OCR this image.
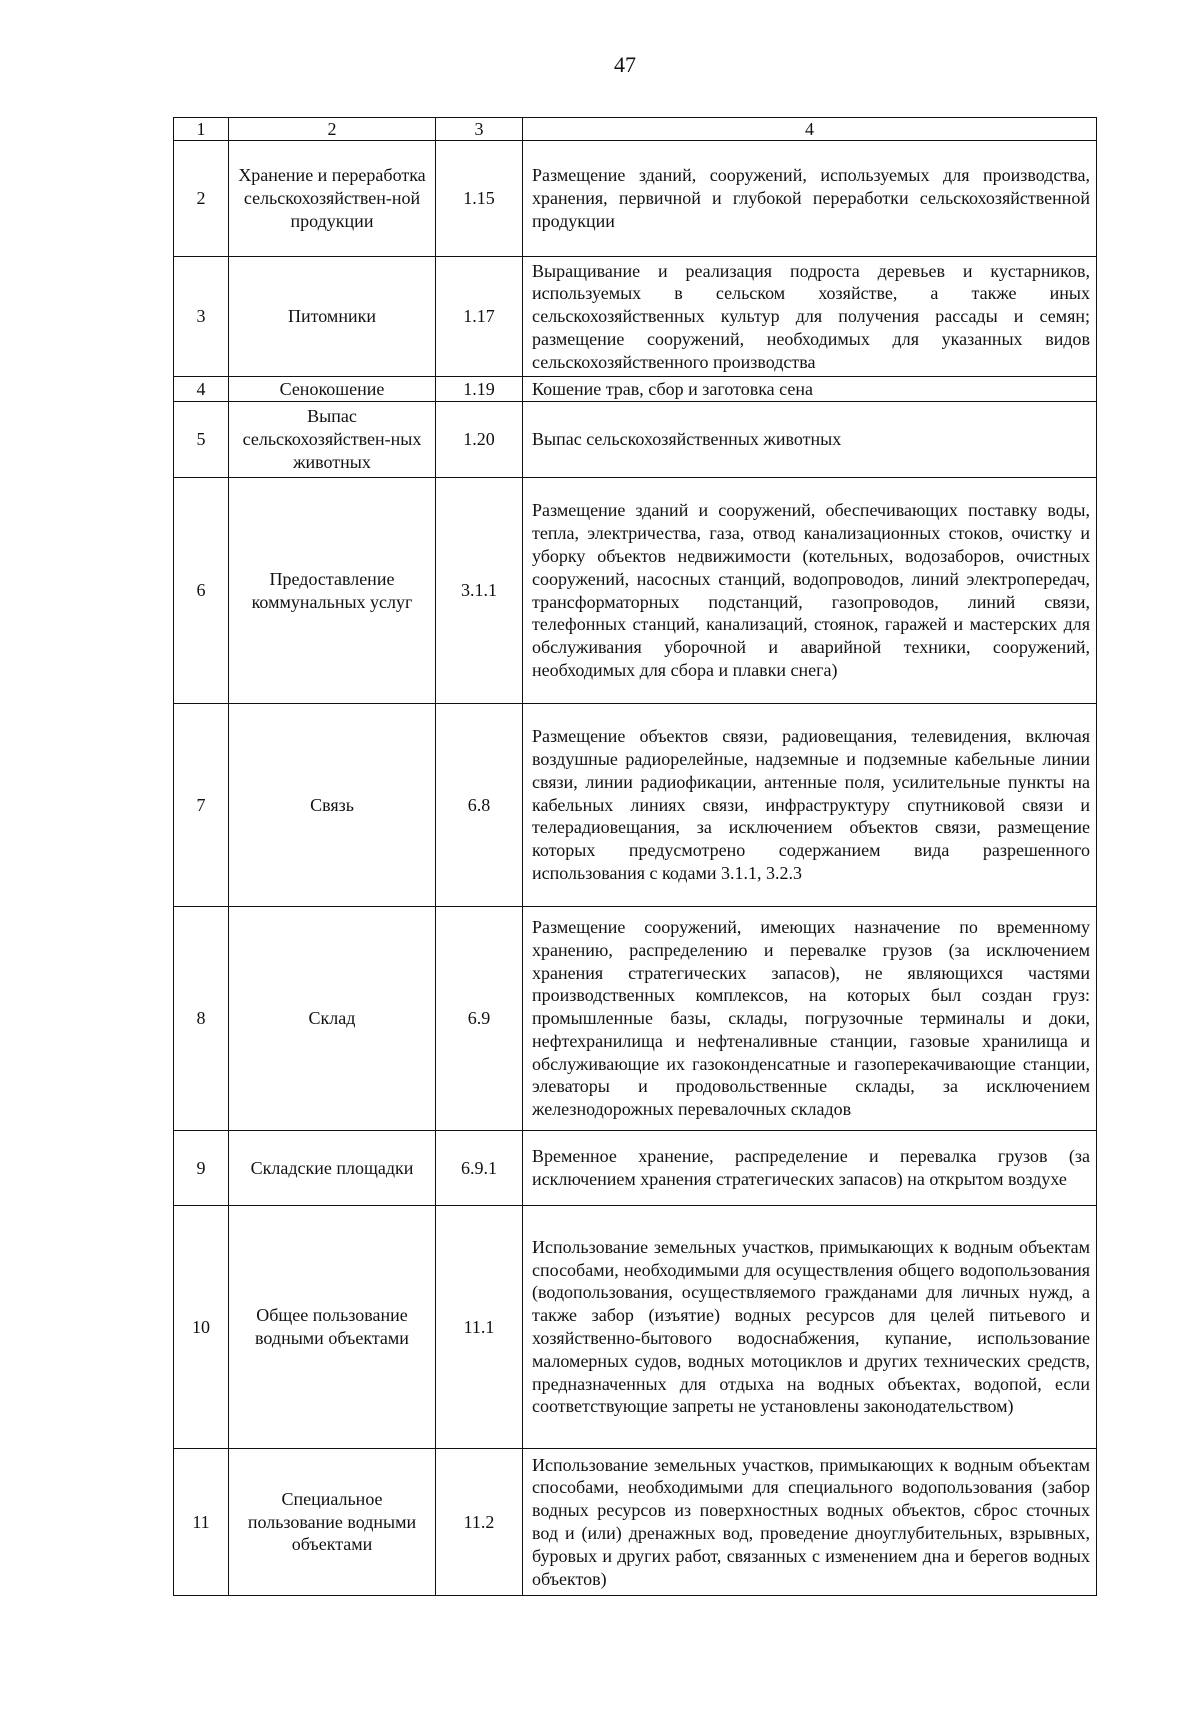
47
1	2	3	4
2	Хранение и переработка сельскохозяйствен-ной продукции	1.15	Размещение зданий, сооружений, используемых для производства, хранения, первичной и глубокой переработки сельскохозяйственной продукции
3	Питомники	1.17	Выращивание и реализация подроста деревьев и кустарников, используемых в сельском хозяйстве, а также иных сельскохозяйственных культур для получения рассады и семян; размещение сооружений, необходимых для указанных видов сельскохозяйственного производства
4	Сенокошение	1.19	Кошение трав, сбор и заготовка сена
5	Выпас сельскохозяйствен-ных животных	1.20	Выпас сельскохозяйственных животных
6	Предоставление коммунальных услуг	3.1.1	Размещение зданий и сооружений, обеспечивающих поставку воды, тепла, электричества, газа, отвод канализационных стоков, очистку и уборку объектов недвижимости (котельных, водозаборов, очистных сооружений, насосных станций, водопроводов, линий электропередач, трансформаторных подстанций, газопроводов, линий связи, телефонных станций, канализаций, стоянок, гаражей и мастерских для обслуживания уборочной и аварийной техники, сооружений, необходимых для сбора и плавки снега)
7	Связь	6.8	Размещение объектов связи, радиовещания, телевидения, включая воздушные радиорелейные, надземные и подземные кабельные линии связи, линии радиофикации, антенные поля, усилительные пункты на кабельных линиях связи, инфраструктуру спутниковой связи и телерадиовещания, за исключением объектов связи, размещение которых предусмотрено содержанием вида разрешенного использования с кодами 3.1.1, 3.2.3
8	Склад	6.9	Размещение сооружений, имеющих назначение по временному хранению, распределению и перевалке грузов (за исключением хранения стратегических запасов), не являющихся частями производственных комплексов, на которых был создан груз: промышленные базы, склады, погрузочные терминалы и доки, нефтехранилища и нефтеналивные станции, газовые хранилища и обслуживающие их газоконденсатные и газоперекачивающие станции, элеваторы и продовольственные склады, за исключением железнодорожных перевалочных складов
9	Складские площадки	6.9.1	Временное хранение, распределение и перевалка грузов (за исключением хранения стратегических запасов) на открытом воздухе
10	Общее пользование водными объектами	11.1	Использование земельных участков, примыкающих к водным объектам способами, необходимыми для осуществления общего водопользования (водопользования, осуществляемого гражданами для личных нужд, а также забор (изъятие) водных ресурсов для целей питьевого и хозяйственно-бытового водоснабжения, купание, использование маломерных судов, водных мотоциклов и других технических средств, предназначенных для отдыха на водных объектах, водопой, если соответствующие запреты не установлены законодательством)
11	Специальное пользование водными объектами	11.2	Использование земельных участков, примыкающих к водным объектам способами, необходимыми для специального водопользования (забор водных ресурсов из поверхностных водных объектов, сброс сточных вод и (или) дренажных вод, проведение дноуглубительных, взрывных, буровых и других работ, связанных с изменением дна и берегов водных объектов)
